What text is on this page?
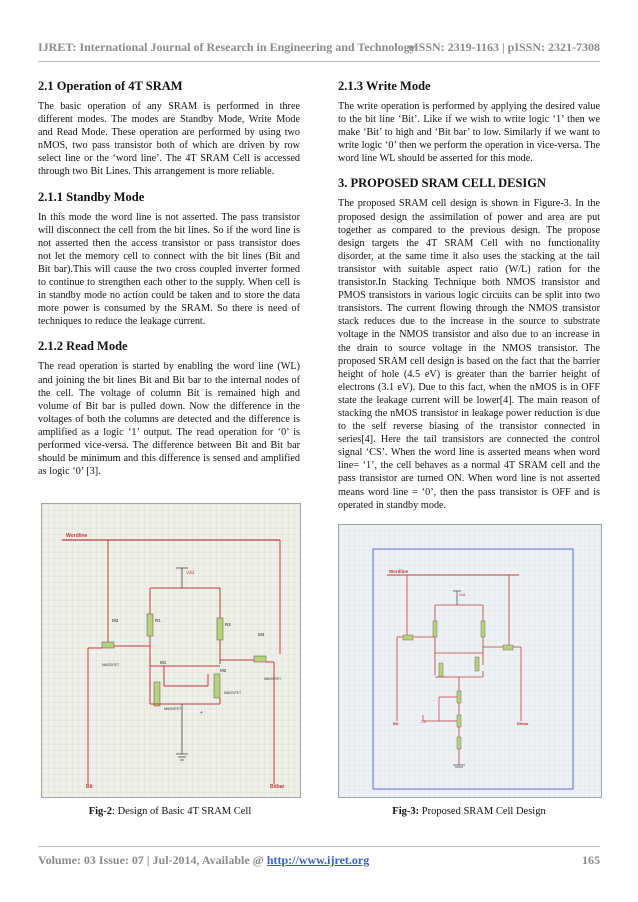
IJRET: International Journal of Research in Engineering and Technology
eISSN: 2319-1163 | pISSN: 2321-7308
2.1 Operation of 4T SRAM

The basic operation of any SRAM is performed in three different modes. The modes are Standby Mode, Write Mode and Read Mode. These operation are performed by using two nMOS, two pass transistor both of which are driven by row select line or the ‘word line’. The 4T SRAM Cell is accessed through two Bit Lines. This arrangement is more reliable.

2.1.1 Standby Mode

In this mode the word line is not asserted. The pass transistor will disconnect the cell from the bit lines. So if the word line is not asserted then the access transistor or pass transistor does not let the memory cell to connect with the bit lines (Bit and Bit bar).This will cause the two cross coupled inverter formed to continue to strengthen each other to the supply. When cell is in standby mode no action could be taken and to store the data more power is consumed by the SRAM. So there is need of techniques to reduce the leakage current.

2.1.2 Read Mode

The read operation is started by enabling the word line (WL) and joining the bit lines Bit and Bit bar to the internal nodes of the cell. The voltage of column Bit is remained high and volume of Bit bar is pulled down. Now the difference in the voltages of both the columns are detected and the difference is amplified as a logic ‘1’ output. The read operation for ‘0’ is performed vice-versa. The difference between Bit and Bit bar should be minimum and this difference is sensed and amplified as logic ‘0’ [3].

Wordline
Vdd
R1
R2
M3
NMOSFET
M4
NMOSFET
M1
NMOSFET
M2
NMOSFET
+
Bit	Bitbar
Fig-2: Design of Basic 4T SRAM Cell
2.1.3 Write Mode

The write operation is performed by applying the desired value to the bit line ‘Bit’. Like if we wish to write logic ‘1’ then we make ‘Bit’ to high and ‘Bit bar’ to low. Similarly if we want to write logic ‘0’ then we perform the operation in vice-versa. The word line WL should be asserted for this mode.

3. PROPOSED SRAM CELL DESIGN

The proposed SRAM cell design is shown in Figure-3. In the proposed design the assimilation of power and area are put together as compared to the previous design. The propose design targets the 4T SRAM Cell with no functionality disorder, at the same time it also uses the stacking at the tail transistor with suitable aspect ratio (W/L) ration for the transistor.In Stacking Technique both NMOS transistor and PMOS transistors in various logic circuits can be split into two transistors. The current flowing through the NMOS transistor stack reduces due to the increase in the source to substrate voltage in the NMOS transistor and also due to an increase in the drain to source voltage in the NMOS transistor. The proposed SRAM cell design is based on the fact that the barrier height of hole (4.5 eV) is greater than the barrier height of electrons (3.1 eV). Due to this fact, when the nMOS is in OFF state the leakage current will be lower[4]. The main reason of stacking the nMOS transistor in leakage power reduction is due to the self reverse biasing of the transistor connected in series[4]. Here the tail transistors are connected the control signal ‘CS’. When the word line is asserted means when word line= ‘1’, the cell behaves as a normal 4T SRAM cell and the pass transistor are turned ON. When word line is not asserted means word line = ‘0’, then the pass transistor is OFF and is operated in standby mode.

Wordline
Vdd
CS
Bit	Bitbar
Fig-3: Proposed SRAM Cell Design
Volume: 03 Issue: 07 | Jul-2014, Available @ http://www.ijret.org	165
